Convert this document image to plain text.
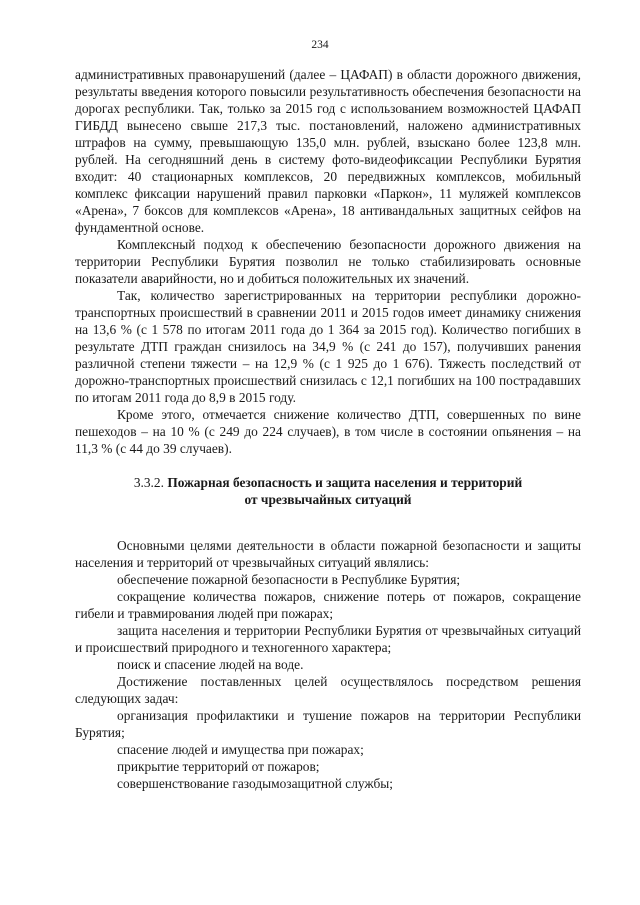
234

административных правонарушений (далее – ЦАФАП) в области дорожного движения, результаты введения которого повысили результативность обеспечения безопасности на дорогах республики. Так, только за 2015 год с использованием возможностей ЦАФАП ГИБДД вынесено свыше 217,3 тыс. постановлений, наложено административных штрафов на сумму, превышающую 135,0 млн. рублей, взыскано более 123,8 млн. рублей. На сегодняшний день в систему фото-видеофиксации Республики Бурятия входит: 40 стационарных комплексов, 20 передвижных комплексов, мобильный комплекс фиксации нарушений правил парковки «Паркон», 11 муляжей комплексов «Арена», 7 боксов для комплексов «Арена», 18 антивандальных защитных сейфов на фундаментной основе.

Комплексный подход к обеспечению безопасности дорожного движения на территории Республики Бурятия позволил не только стабилизировать основные показатели аварийности, но и добиться положительных их значений.

Так, количество зарегистрированных на территории республики дорожно-транспортных происшествий в сравнении 2011 и 2015 годов имеет динамику снижения на 13,6 % (с 1 578 по итогам 2011 года до 1 364 за 2015 год). Количество погибших в результате ДТП граждан снизилось на 34,9 % (с 241 до 157), получивших ранения различной степени тяжести – на 12,9 % (с 1 925 до 1 676). Тяжесть последствий от дорожно-транспортных происшествий снизилась с 12,1 погибших на 100 пострадавших по итогам 2011 года до 8,9 в 2015 году.

Кроме этого, отмечается снижение количество ДТП, совершенных по вине пешеходов – на 10 % (с 249 до 224 случаев), в том числе в состоянии опьянения – на 11,3 % (с 44 до 39 случаев).

3.3.2. Пожарная безопасность и защита населения и территорий
от чрезвычайных ситуаций

Основными целями деятельности в области пожарной безопасности и защиты населения и территорий от чрезвычайных ситуаций являлись:

обеспечение пожарной безопасности в Республике Бурятия;

сокращение количества пожаров, снижение потерь от пожаров, сокращение гибели и травмирования людей при пожарах;

защита населения и территории Республики Бурятия от чрезвычайных ситуаций и происшествий природного и техногенного характера;

поиск и спасение людей на воде.

Достижение поставленных целей осуществлялось посредством решения следующих задач:

организация профилактики и тушение пожаров на территории Республики Бурятия;

спасение людей и имущества при пожарах;

прикрытие территорий от пожаров;

совершенствование газодымозащитной службы;
